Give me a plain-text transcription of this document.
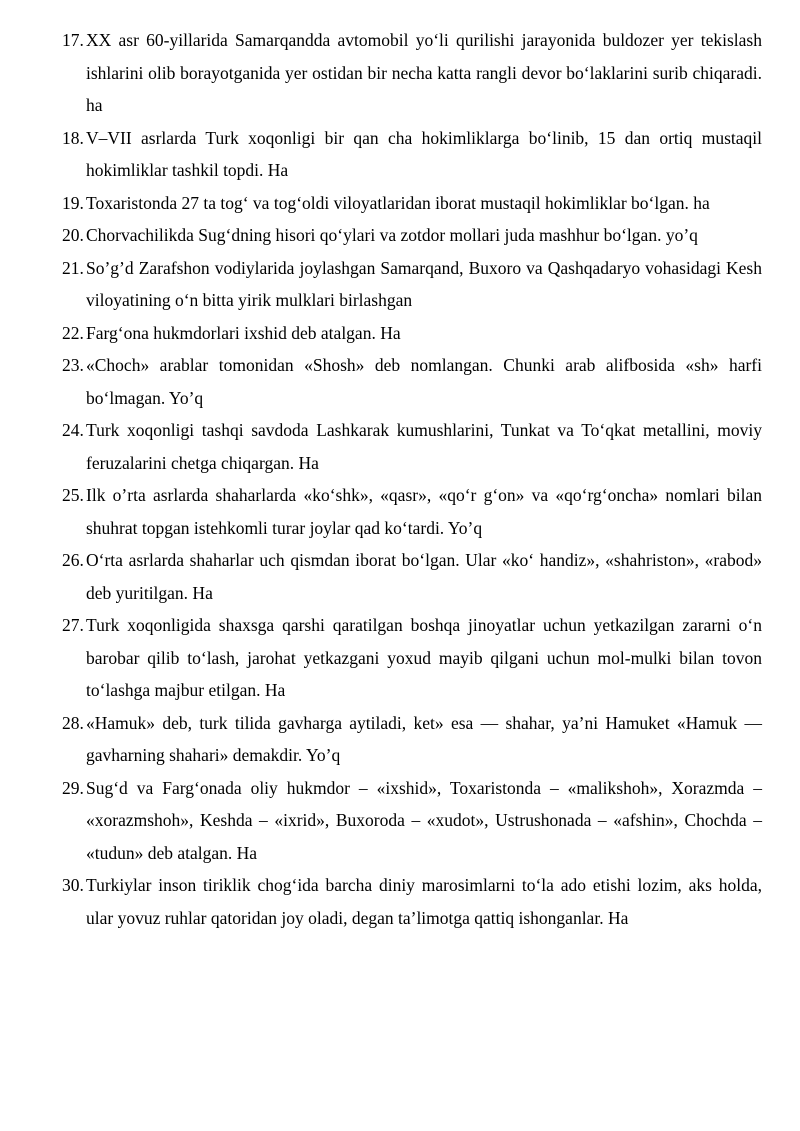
17. XX asr 60-yillarida Samarqandda avtomobil yo‘li qurilishi jarayonida buldozer yer tekislash ishlarini olib borayotganida yer ostidan bir necha katta rangli devor bo‘laklarini surib chiqaradi. ha

18. V–VII asrlarda Turk xoqonligi bir qan cha hokimliklarga bo‘linib, 15 dan ortiq mustaqil hokimliklar tashkil topdi. Ha

19. Toxaristonda 27 ta tog‘ va tog‘oldi viloyatlaridan iborat mustaqil hokimliklar bo‘lgan. ha

20. Chorvachilikda Sug‘dning hisori qo‘ylari va zotdor mollari juda mashhur bo‘lgan. yo’q

21. So’g’d Zarafshon vodiylarida joylashgan Samarqand, Buxoro va Qashqadaryo vohasidagi Kesh viloyatining o‘n bitta yirik mulklari birlashgan

22. Farg‘ona hukmdorlari ixshid deb atalgan. Ha

23. «Choch» arablar tomonidan «Shosh» deb nomlangan. Chunki arab alifbosida «sh» harfi bo‘lmagan. Yo’q

24. Turk xoqonligi tashqi savdoda Lashkarak kumushlarini, Tunkat va To‘qkat metallini, moviy feruzalarini chetga chiqargan. Ha

25. Ilk o’rta asrlarda shaharlarda «ko‘shk», «qasr», «qo‘r g‘on» va «qo‘rg‘oncha» nomlari bilan shuhrat topgan istehkomli turar joylar qad ko‘tardi. Yo’q

26. O‘rta asrlarda shaharlar uch qismdan iborat bo‘lgan. Ular «ko‘ handiz», «shahriston», «rabod» deb yuritilgan. Ha

27. Turk xoqonligida shaxsga qarshi qaratilgan boshqa jinoyatlar uchun yetkazilgan zararni o‘n barobar qilib to‘lash, jarohat yetkazgani yoxud mayib qilgani uchun mol-mulki bilan tovon to‘lashga majbur etilgan. Ha

28. «Hamuk» deb, turk tilida gavharga aytiladi, ket» esa — shahar, ya’ni Hamuket «Hamuk — gavharning shahari» demakdir. Yo’q

29. Sug‘d va Farg‘onada oliy hukmdor – «ixshid», Toxaristonda – «malikshoh», Xorazmda – «xorazmshoh», Keshda – «ixrid», Buxoroda – «xudot», Ustrushonada – «afshin», Chochda – «tudun» deb atalgan. Ha

30. Turkiylar inson tiriklik chog‘ida barcha diniy marosimlarni to‘la ado etishi lozim, aks holda, ular yovuz ruhlar qatoridan joy oladi, degan ta’limotga qattiq ishonganlar. Ha
